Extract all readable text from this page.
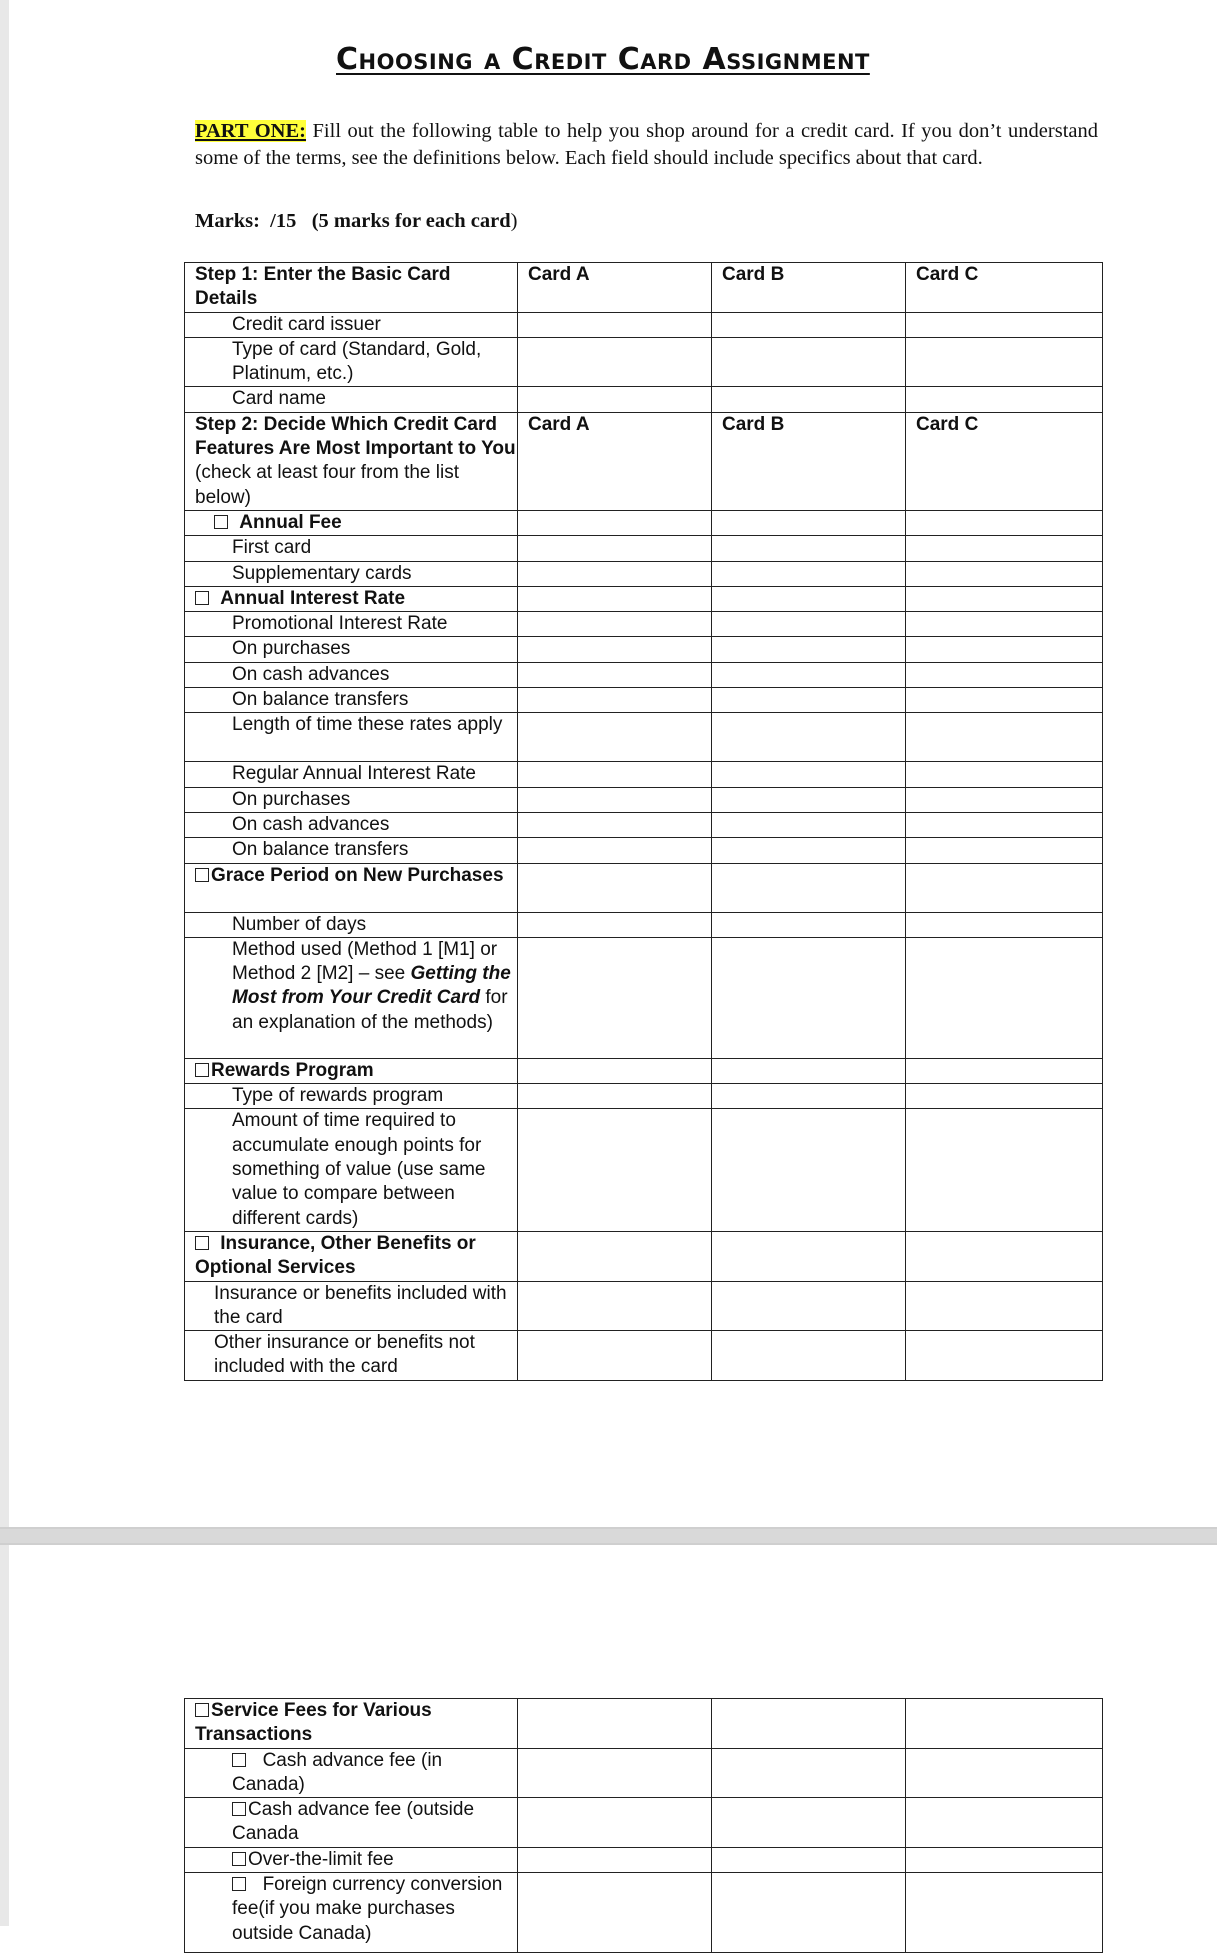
Choosing a Credit Card Assignment
PART ONE: Fill out the following table to help you shop around for a credit card. If you don’t understand some of the terms, see the definitions below. Each field should include specifics about that card.
Marks: /15 (5 marks for each card)
Step 1: Enter the Basic Card Details	Card A	Card B	Card C
Credit card issuer			
Type of card (Standard, Gold, Platinum, etc.)			
Card name			
Step 2: Decide Which Credit Card Features Are Most Important to You (check at least four from the list below)	Card A	Card B	Card C
Annual Fee			
First card			
Supplementary cards			
Annual Interest Rate			
Promotional Interest Rate			
On purchases			
On cash advances			
On balance transfers			
Length of time these rates apply			
Regular Annual Interest Rate			
On purchases			
On cash advances			
On balance transfers			
Grace Period on New Purchases			
Number of days			
Method used (Method 1 [M1] or Method 2 [M2] – see Getting the Most from Your Credit Card for an explanation of the methods)			
Rewards Program			
Type of rewards program			
Amount of time required to accumulate enough points for something of value (use same value to compare between different cards)			
Insurance, Other Benefits or Optional Services			
Insurance or benefits included with the card			
Other insurance or benefits not included with the card			
Service Fees for Various Transactions			
Cash advance fee (in Canada)			
Cash advance fee (outside Canada			
Over-the-limit fee			
Foreign currency conversion fee(if you make purchases outside Canada)			
